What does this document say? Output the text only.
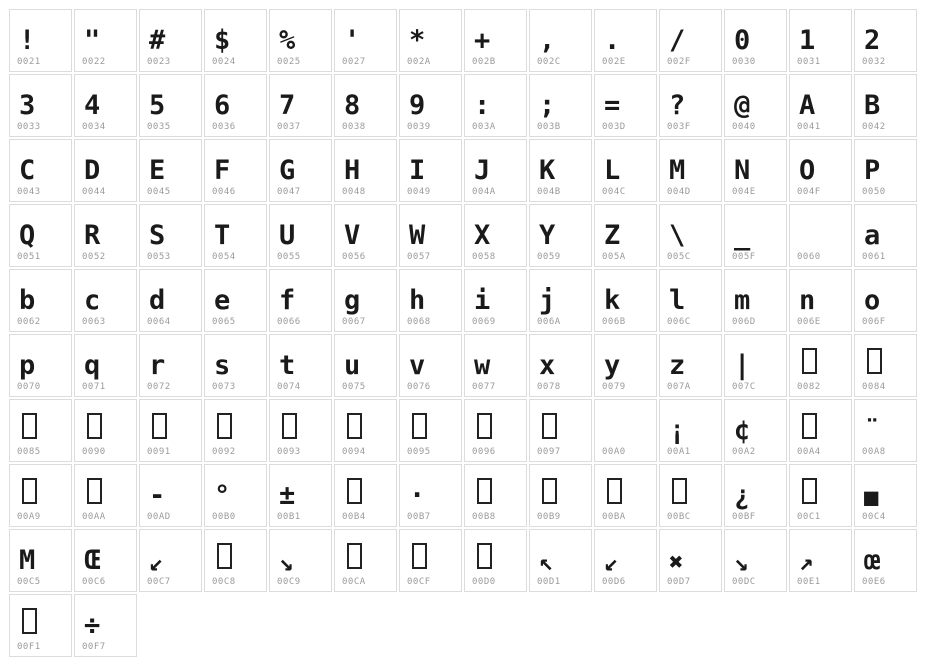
!
0021
"
0022
#
0023
$
0024
%
0025
'
0027
*
002A
+
002B
,
002C
.
002E
/
002F
0
0030
1
0031
2
0032
3
0033
4
0034
5
0035
6
0036
7
0037
8
0038
9
0039
:
003A
;
003B
=
003D
?
003F
@
0040
A
0041
B
0042
C
0043
D
0044
E
0045
F
0046
G
0047
H
0048
I
0049
J
004A
K
004B
L
004C
M
004D
N
004E
O
004F
P
0050
Q
0051
R
0052
S
0053
T
0054
U
0055
V
0056
W
0057
X
0058
Y
0059
Z
005A
\
005C
_
005F	0060
a
0061
b
0062
c
0063
d
0064
e
0065
f
0066
g
0067
h
0068
i
0069
j
006A
k
006B
l
006C
m
006D
n
006E
o
006F
p
0070
q
0071
r
0072
s
0073
t
0074
u
0075
v
0076
w
0077
x
0078
y
0079
z
007A
|
007C	0082	0084
0085	0090	0091	0092	0093	0094	0095	0096	0097	00A0
¡
00A1
¢
00A2	00A4
¨
00A8
00A9	00AA
-
00AD
°
00B0
±
00B1	00B4
·
00B7	00B8	00B9	00BA	00BC
¿
00BF	00C1
■
00C4
M
00C5
Œ
00C6
↙
00C7	00C8
↘
00C9	00CA	00CF	00D0
↖
00D1
↙
00D6
✖
00D7
↘
00DC
↗
00E1
œ
00E6
00F1
÷
00F7
